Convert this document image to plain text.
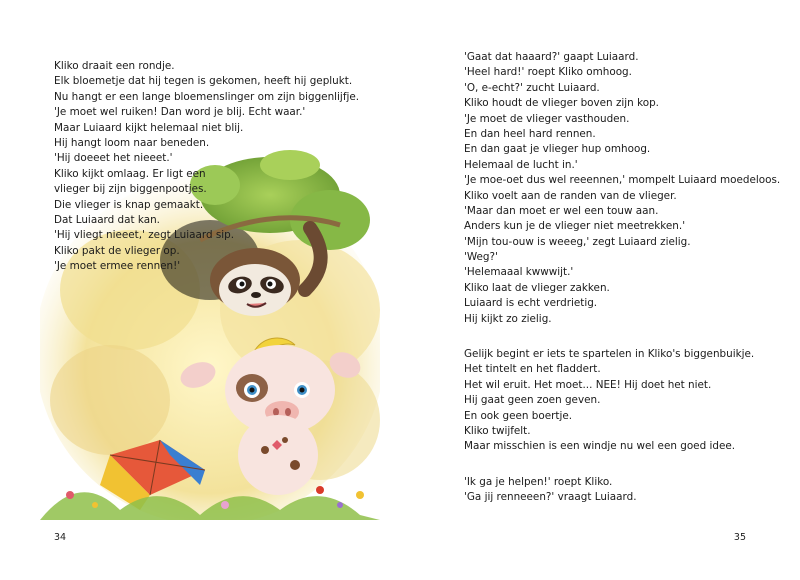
Kliko draait een rondje.
Elk bloemetje dat hij tegen is gekomen, heeft hij geplukt.
Nu hangt er een lange bloemenslinger om zijn biggenlijfje.
'Je moet wel ruiken! Dan word je blij. Echt waar.'
Maar Luiaard kijkt helemaal niet blij.
Hij hangt loom naar beneden.
'Hij doeeet het nieeet.'
Kliko kijkt omlaag. Er ligt een
vlieger bij zijn biggenpootjes.
Die vlieger is knap gemaakt.
Dat Luiaard dat kan.
'Hij vliegt nieeet,' zegt Luiaard sip.
Kliko pakt de vlieger op.
'Je moet ermee rennen!'
34
'Gaat dat haaard?' gaapt Luiaard.
'Heel hard!' roept Kliko omhoog.
'O, e-echt?' zucht Luiaard.
Kliko houdt de vlieger boven zijn kop.
'Je moet de vlieger vasthouden.
En dan heel hard rennen.
En dan gaat je vlieger hup omhoog.
Helemaal de lucht in.'
'Je moe-oet dus wel reeennen,' mompelt Luiaard moedeloos.
Kliko voelt aan de randen van de vlieger.
'Maar dan moet er wel een touw aan.
Anders kun je de vlieger niet meetrekken.'
'Mijn tou-ouw is weeeg,' zegt Luiaard zielig.
'Weg?'
'Helemaaal kwwwijt.'
Kliko laat de vlieger zakken.
Luiaard is echt verdrietig.
Hij kijkt zo zielig.
Gelijk begint er iets te spartelen in Kliko's biggenbuikje.
Het tintelt en het fladdert.
Het wil eruit. Het moet... NEE! Hij doet het niet.
Hij gaat geen zoen geven.
En ook geen boertje.
Kliko twijfelt.
Maar misschien is een windje nu wel een goed idee.
'Ik ga je helpen!' roept Kliko.
'Ga jij renneeen?' vraagt Luiaard.
35
